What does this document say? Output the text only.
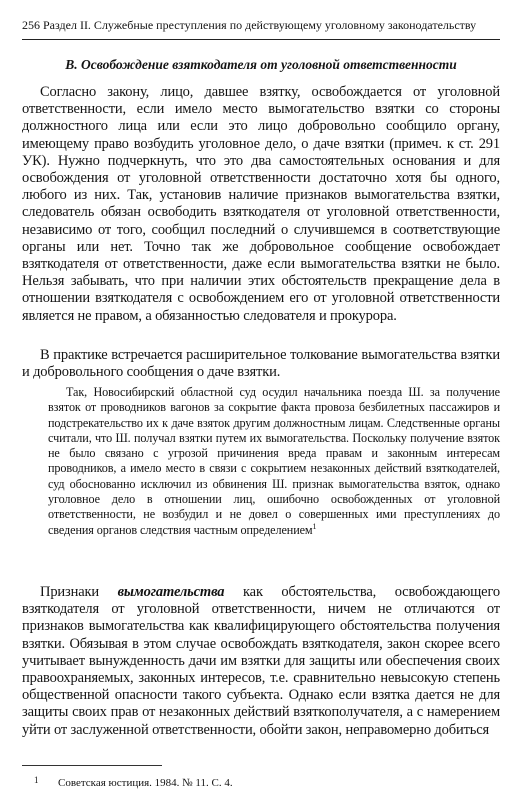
256 Раздел II. Служебные преступления по действующему уголовному законодательству
В. Освобождение взяткодателя от уголовной ответственности

Согласно закону, лицо, давшее взятку, освобождается от уголовной ответственности, если имело место вымогательство взятки со стороны должностного лица или если это лицо добровольно сообщило органу, имеющему право возбудить уголовное дело, о даче взятки (примеч. к ст. 291 УК). Нужно подчеркнуть, что это два самостоятельных основания и для освобождения от уголовной ответственности достаточно хотя бы одного, любого из них. Так, установив наличие признаков вымогательства взятки, следователь обязан освободить взяткодателя от уголовной ответственности, независимо от того, сообщил последний о случившемся в соответствующие органы или нет. Точно так же добровольное сообщение освобождает взяткодателя от ответственности, даже если вымогательства взятки не было. Нельзя забывать, что при наличии этих обстоятельств прекращение дела в отношении взяткодателя с освобождением его от уголовной ответственности является не правом, а обязанностью следователя и прокурора.

В практике встречается расширительное толкование вымогательства взятки и добровольного сообщения о даче взятки.

Так, Новосибирский областной суд осудил начальника поезда Ш. за получение взяток от проводников вагонов за сокрытие факта провоза безбилетных пассажиров и подстрекательство их к даче взяток другим должностным лицам. Следственные органы считали, что Ш. получал взятки путем их вымогательства. Поскольку получение взяток не было связано с угрозой причинения вреда правам и законным интересам проводников, а имело место в связи с сокрытием незаконных действий взяткодателей, суд обоснованно исключил из обвинения Ш. признак вымогательства взяток, однако уголовное дело в отношении лиц, ошибочно освобожденных от уголовной ответственности, не возбудил и не довел о совершенных ими преступлениях до сведения органов следствия частным определением$^1$

Признаки вымогательства как обстоятельства, освобождающего взяткодателя от уголовной ответственности, ничем не отличаются от признаков вымогательства как квалифицирующего обстоятельства получения взятки. Обязывая в этом случае освобождать взяткодателя, закон скорее всего учитывает вынужденность дачи им взятки для защиты или обеспечения своих правоохраняемых, законных интересов, т.е. сравнительно невысокую степень общественной опасности такого субъекта. Однако если взятка дается не для защиты своих прав от незаконных действий взяткополучателя, а с намерением уйти от заслуженной ответственности, обойти закон, неправомерно добиться

1 Советская юстиция. 1984. № 11. С. 4.
